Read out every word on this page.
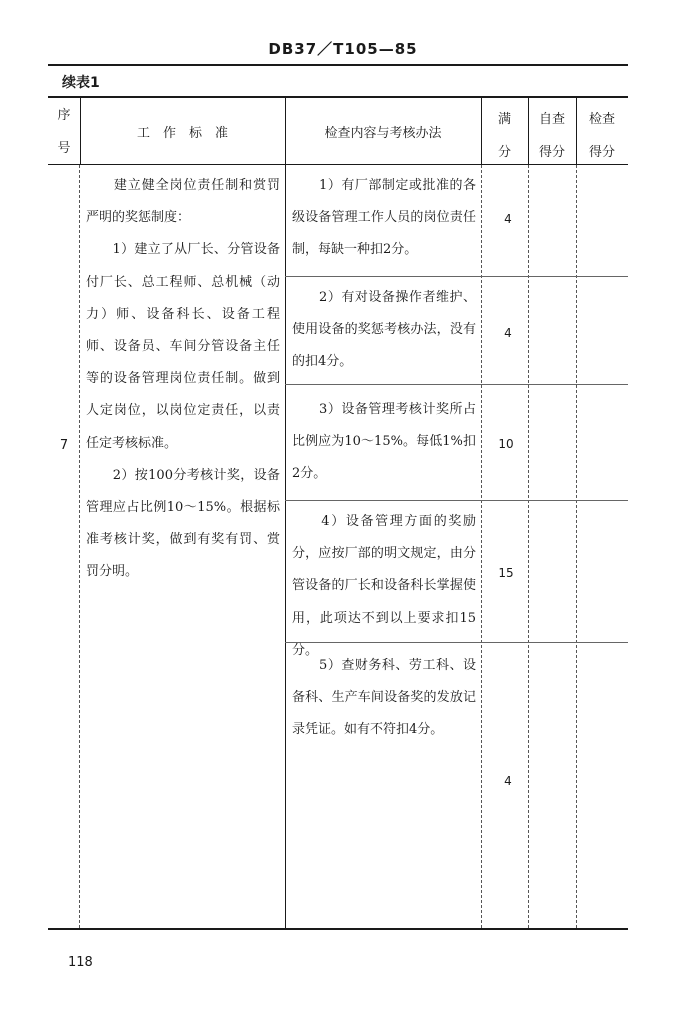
DB37／T105—85
续表1
序
号
工　作　标　准	检查内容与考核办法
满
分
自查
得分
检查
得分
7
　　建立健全岗位责任制和赏罚严明的奖惩制度：
　　1）建立了从厂长、分管设备付厂长、总工程师、总机械（动力）师、设备科长、设备工程师、设备员、车间分管设备主任等的设备管理岗位责任制。做到人定岗位，以岗位定责任，以责任定考核标准。
　　2）按100分考核计奖，设备管理应占比例10～15%。根据标准考核计奖，做到有奖有罚、赏罚分明。
　　1）有厂部制定或批准的各级设备管理工作人员的岗位责任制，每缺一种扣2分。
4
　　2）有对设备操作者维护、使用设备的奖惩考核办法，没有的扣4分。
4
　　3）设备管理考核计奖所占比例应为10～15%。每低1%扣2分。
10
　　4）设备管理方面的奖励分，应按厂部的明文规定，由分管设备的厂长和设备科长掌握使用，此项达不到以上要求扣15分。
15
　　5）查财务科、劳工科、设备科、生产车间设备奖的发放记录凭证。如有不符扣4分。
4
118
